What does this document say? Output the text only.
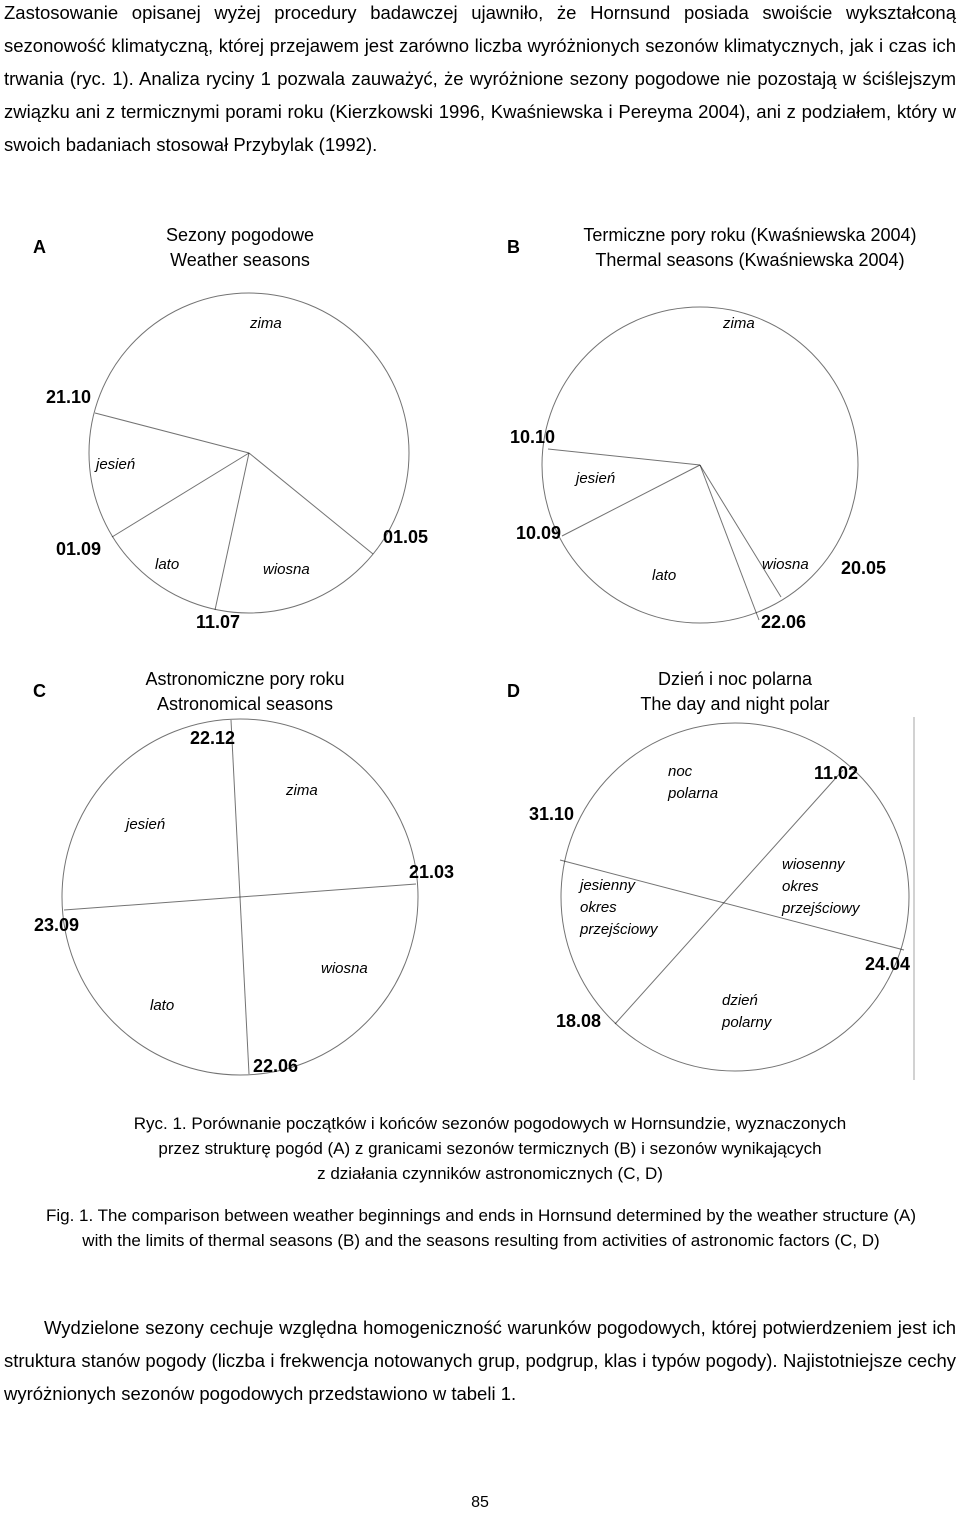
Zastosowanie opisanej wyżej procedury badawczej ujawniło, że Hornsund posiada swoiście wykształconą sezonowość klimatyczną, której przejawem jest zarówno liczba wyróżnionych sezonów klimatycznych, jak i czas ich trwania (ryc. 1). Analiza ryciny 1 pozwala zauważyć, że wyróżnione sezony pogodowe nie pozostają w ściślejszym związku ani z termicznymi porami roku (Kierzkowski 1996, Kwaśniewska i Pereyma 2004), ani z podziałem, który w swoich badaniach stosował Przybylak (1992).
A
Sezony pogodowe
Weather seasons
B
Termiczne pory roku (Kwaśniewska 2004)
Thermal seasons (Kwaśniewska 2004)
C
Astronomiczne pory roku
Astronomical seasons
D
Dzień i noc polarna
The day and night polar
zima
jesień
lato	wiosna
21.10
01.09
11.07
01.05
zima
jesień
lato
wiosna
10.10
10.09
22.06
20.05
zima
jesień
lato
wiosna
22.12
23.09
22.06
21.03
noc
polarna
jesienny
okres
przejściowy
wiosenny
okres
przejściowy
dzień
polarny
11.02
31.10
24.04
18.08
Ryc. 1. Porównanie początków i końców sezonów pogodowych w Hornsundzie, wyznaczonych
przez strukturę pogód (A) z granicami sezonów termicznych (B) i sezonów wynikających
z działania czynników astronomicznych (C, D)
Fig. 1. The comparison between weather beginnings and ends in Hornsund determined by the weather structure (A)
with the limits of thermal seasons (B) and the seasons resulting from activities of astronomic factors (C, D)
Wydzielone sezony cechuje względna homogeniczność warunków pogodowych, której potwierdzeniem jest ich struktura stanów pogody (liczba i frekwencja notowanych grup, podgrup, klas i typów pogody). Najistotniejsze cechy wyróżnionych sezonów pogodowych przedstawiono w tabeli 1.
85
